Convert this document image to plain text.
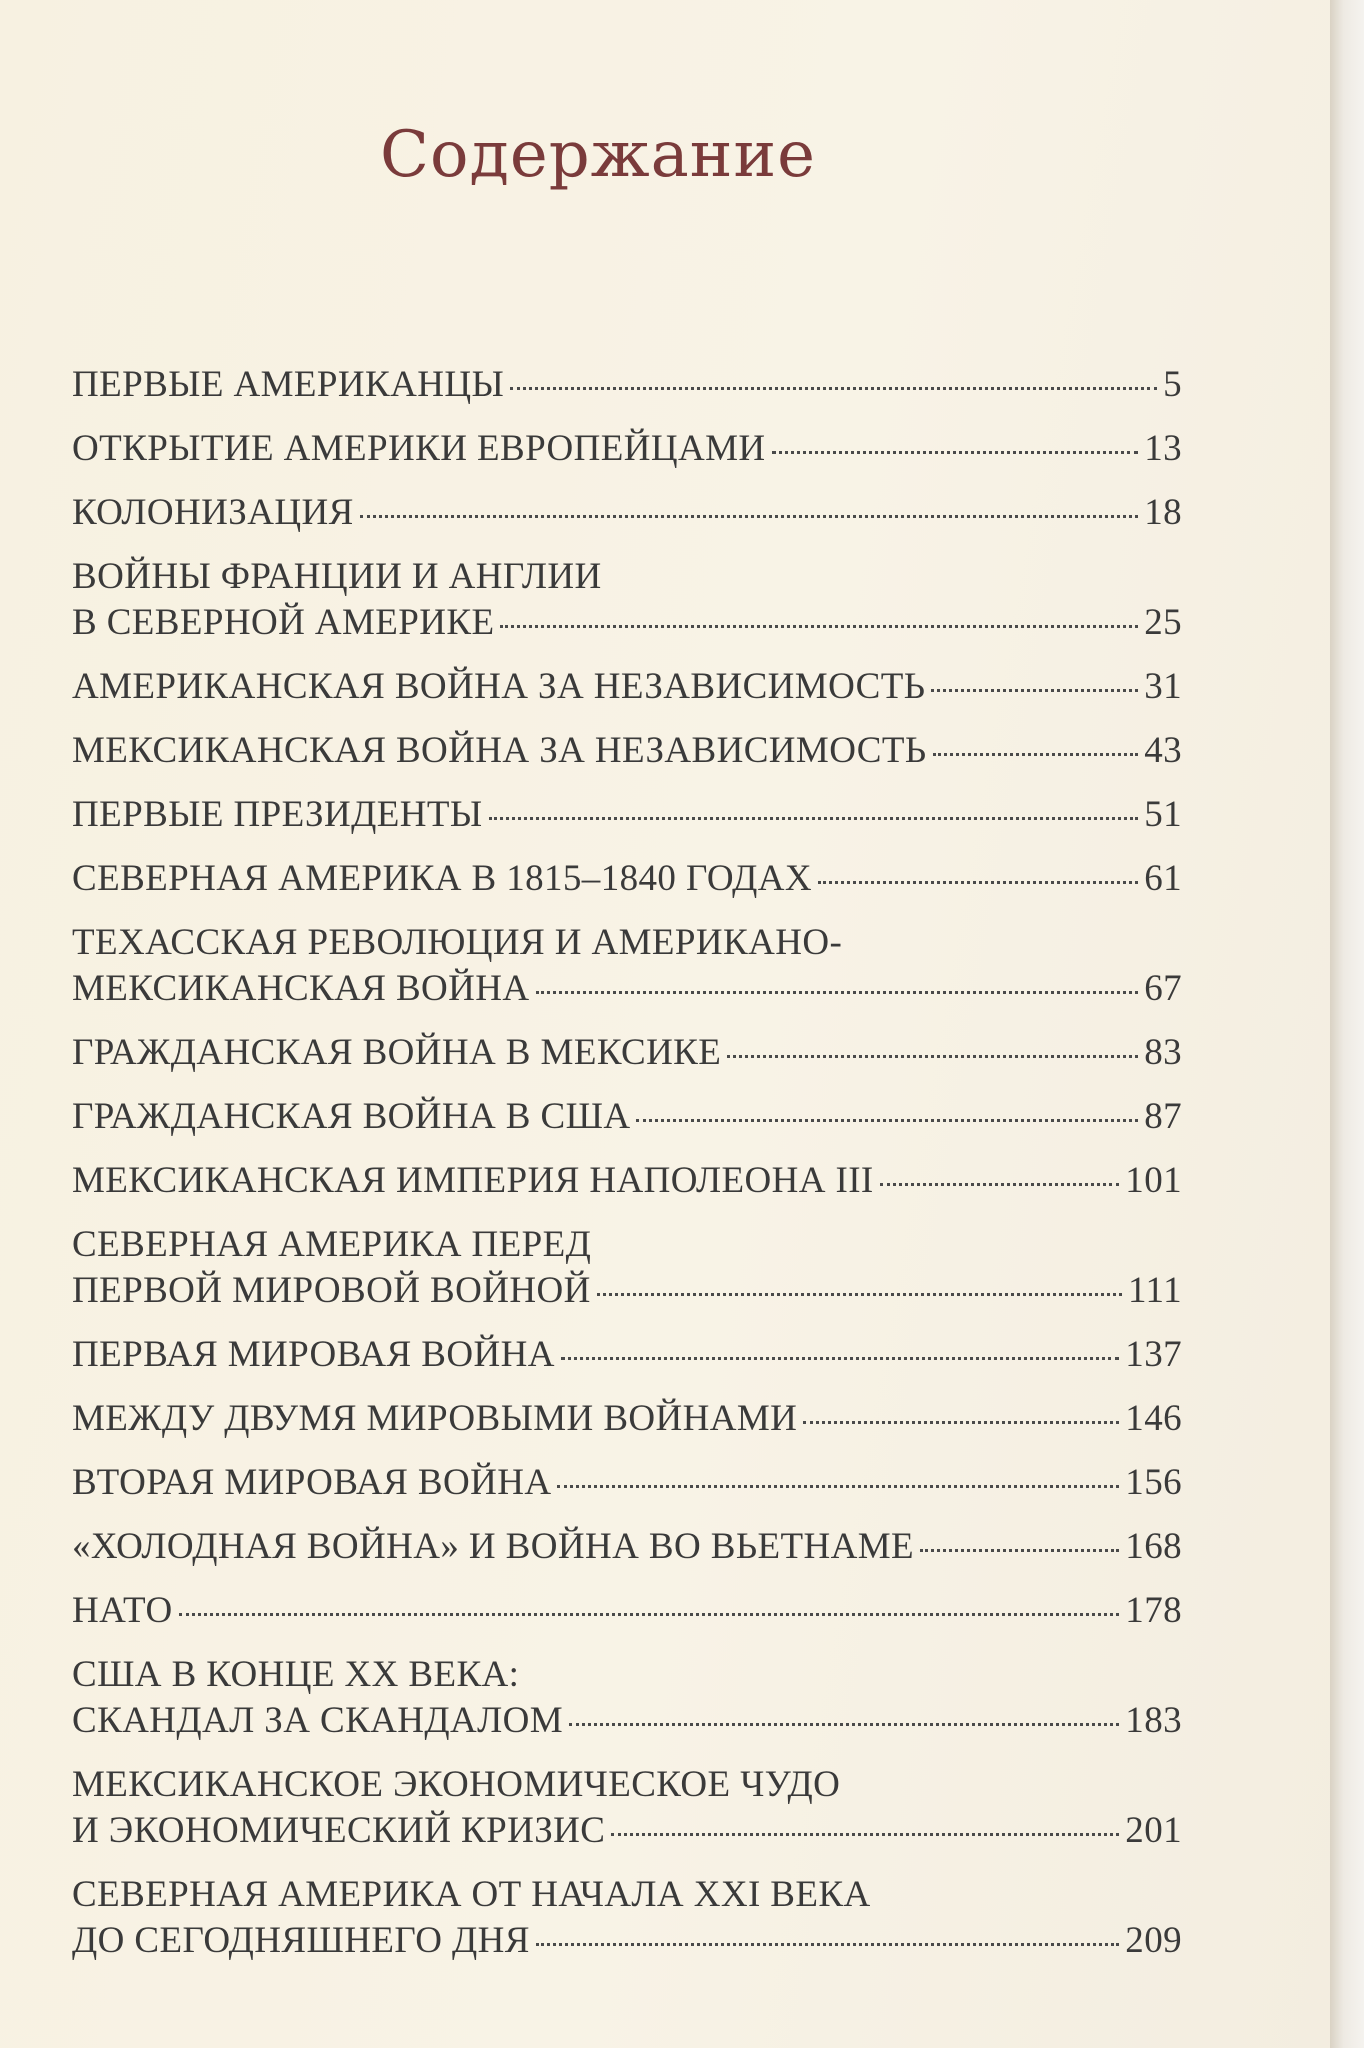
Содержание
ПЕРВЫЕ АМЕРИКАНЦЫ	5
ОТКРЫТИЕ АМЕРИКИ ЕВРОПЕЙЦАМИ	13
КОЛОНИЗАЦИЯ	18
ВОЙНЫ ФРАНЦИИ И АНГЛИИ
В СЕВЕРНОЙ АМЕРИКЕ	25
АМЕРИКАНСКАЯ ВОЙНА ЗА НЕЗАВИСИМОСТЬ	31
МЕКСИКАНСКАЯ ВОЙНА ЗА НЕЗАВИСИМОСТЬ	43
ПЕРВЫЕ ПРЕЗИДЕНТЫ	51
СЕВЕРНАЯ АМЕРИКА В 1815–1840 ГОДАХ	61
ТЕХАССКАЯ РЕВОЛЮЦИЯ И АМЕРИКАНО-
МЕКСИКАНСКАЯ ВОЙНА	67
ГРАЖДАНСКАЯ ВОЙНА В МЕКСИКЕ	83
ГРАЖДАНСКАЯ ВОЙНА В США	87
МЕКСИКАНСКАЯ ИМПЕРИЯ НАПОЛЕОНА III	101
СЕВЕРНАЯ АМЕРИКА ПЕРЕД
ПЕРВОЙ МИРОВОЙ ВОЙНОЙ	111
ПЕРВАЯ МИРОВАЯ ВОЙНА	137
МЕЖДУ ДВУМЯ МИРОВЫМИ ВОЙНАМИ	146
ВТОРАЯ МИРОВАЯ ВОЙНА	156
«ХОЛОДНАЯ ВОЙНА» И ВОЙНА ВО ВЬЕТНАМЕ	168
НАТО	178
США В КОНЦЕ XX ВЕКА:
СКАНДАЛ ЗА СКАНДАЛОМ	183
МЕКСИКАНСКОЕ ЭКОНОМИЧЕСКОЕ ЧУДО
И ЭКОНОМИЧЕСКИЙ КРИЗИС	201
СЕВЕРНАЯ АМЕРИКА ОТ НАЧАЛА XXI ВЕКА
ДО СЕГОДНЯШНЕГО ДНЯ	209
